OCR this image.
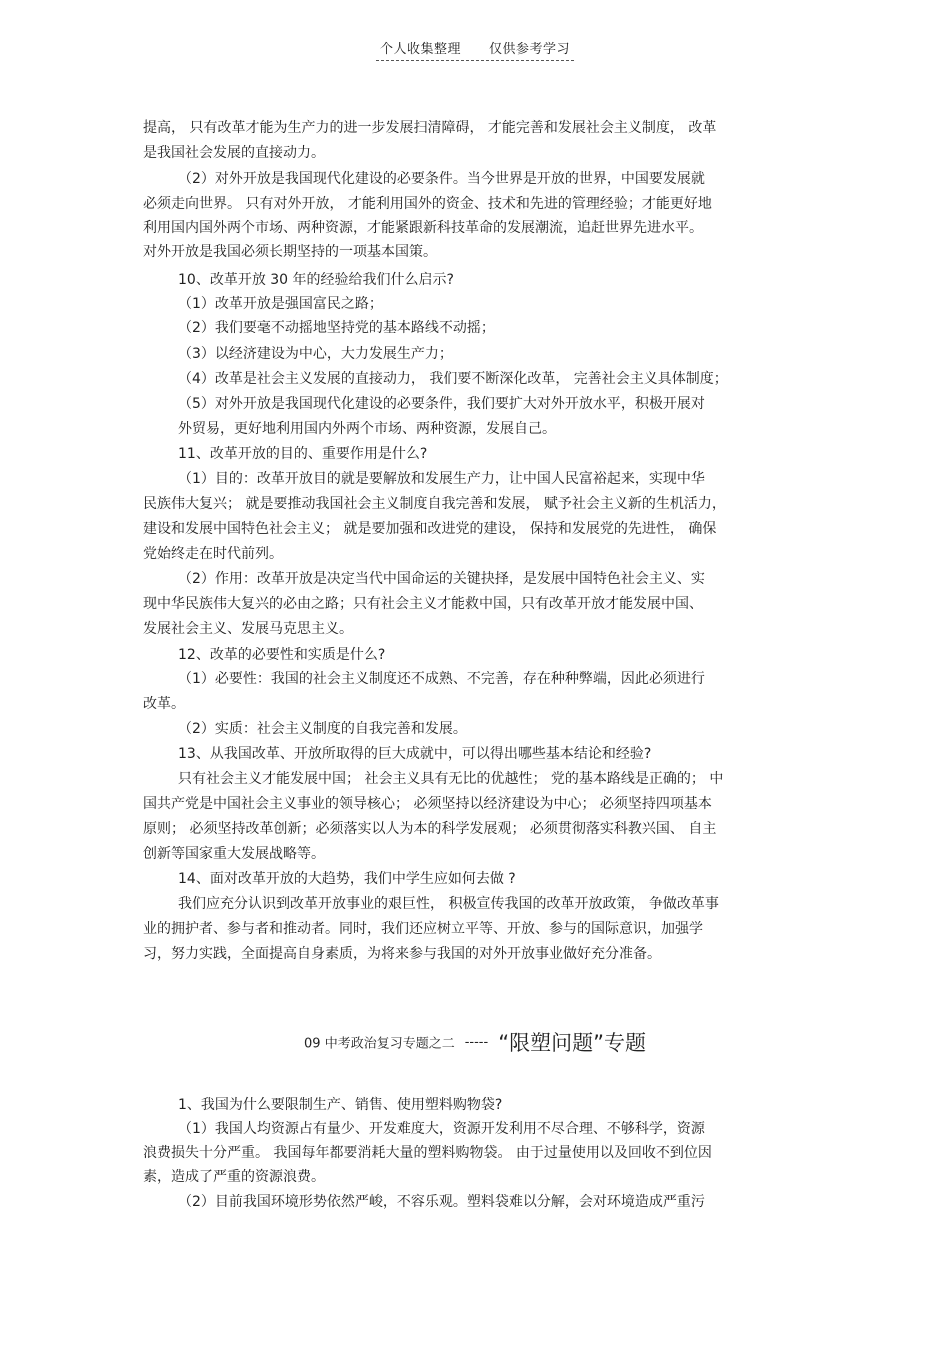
个人收集整理 仅供参考学习
提高， 只有改革才能为生产力的进一步发展扫清障碍， 才能完善和发展社会主义制度， 改革
是我国社会发展的直接动力。
（2）对外开放是我国现代化建设的必要条件。当今世界是开放的世界，中国要发展就
必须走向世界。 只有对外开放， 才能利用国外的资金、技术和先进的管理经验；才能更好地
利用国内国外两个市场、两种资源，才能紧跟新科技革命的发展潮流，追赶世界先进水平。
对外开放是我国必须长期坚持的一项基本国策。
10、改革开放 30 年的经验给我们什么启示?
（1）改革开放是强国富民之路；
（2）我们要毫不动摇地坚持党的基本路线不动摇；
（3）以经济建设为中心，大力发展生产力；
（4）改革是社会主义发展的直接动力， 我们要不断深化改革， 完善社会主义具体制度；
（5）对外开放是我国现代化建设的必要条件，我们要扩大对外开放水平，积极开展对
外贸易，更好地利用国内外两个市场、两种资源，发展自己。
11、改革开放的目的、重要作用是什么?
（1）目的：改革开放目的就是要解放和发展生产力，让中国人民富裕起来，实现中华
民族伟大复兴； 就是要推动我国社会主义制度自我完善和发展， 赋予社会主义新的生机活力，
建设和发展中国特色社会主义； 就是要加强和改进党的建设， 保持和发展党的先进性， 确保
党始终走在时代前列。
（2）作用：改革开放是决定当代中国命运的关键抉择，是发展中国特色社会主义、实
现中华民族伟大复兴的必由之路；只有社会主义才能救中国，只有改革开放才能发展中国、
发展社会主义、发展马克思主义。
12、改革的必要性和实质是什么?
（1）必要性：我国的社会主义制度还不成熟、不完善，存在种种弊端，因此必须进行
改革。
（2）实质：社会主义制度的自我完善和发展。
13、从我国改革、开放所取得的巨大成就中，可以得出哪些基本结论和经验?
只有社会主义才能发展中国； 社会主义具有无比的优越性； 党的基本路线是正确的； 中
国共产党是中国社会主义事业的领导核心； 必须坚持以经济建设为中心； 必须坚持四项基本
原则； 必须坚持改革创新；必须落实以人为本的科学发展观； 必须贯彻落实科教兴国、 自主
创新等国家重大发展战略等。
14、面对改革开放的大趋势，我们中学生应如何去做 ?
我们应充分认识到改革开放事业的艰巨性， 积极宣传我国的改革开放政策， 争做改革事
业的拥护者、参与者和推动者。同时，我们还应树立平等、开放、参与的国际意识，加强学
习，努力实践，全面提高自身素质，为将来参与我国的对外开放事业做好充分准备。
09 中考政治复习专题之二 ----- “限塑问题”专题
1、我国为什么要限制生产、销售、使用塑料购物袋?
（1）我国人均资源占有量少、开发难度大，资源开发利用不尽合理、不够科学，资源
浪费损失十分严重。 我国每年都要消耗大量的塑料购物袋。 由于过量使用以及回收不到位因
素，造成了严重的资源浪费。
（2）目前我国环境形势依然严峻，不容乐观。塑料袋难以分解，会对环境造成严重污
